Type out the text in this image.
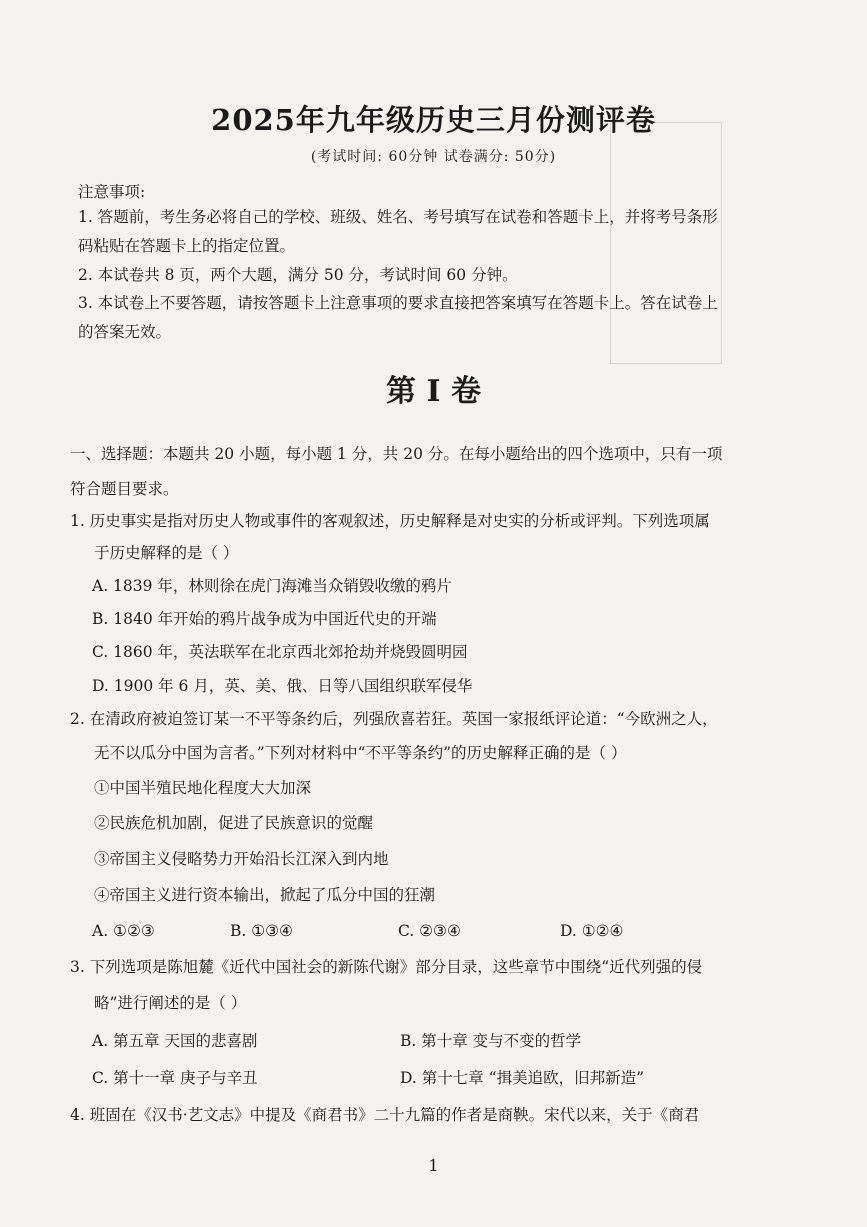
2025年九年级历史三月份测评卷
(考试时间: 60分钟 试卷满分: 50分)
注意事项:
1. 答题前，考生务必将自己的学校、班级、姓名、考号填写在试卷和答题卡上，并将考号条形
码粘贴在答题卡上的指定位置。
2. 本试卷共 8 页，两个大题，满分 50 分，考试时间 60 分钟。
3. 本试卷上不要答题，请按答题卡上注意事项的要求直接把答案填写在答题卡上。答在试卷上
的答案无效。
第 I 卷
一、选择题：本题共 20 小题，每小题 1 分，共 20 分。在每小题给出的四个选项中，只有一项
符合题目要求。
1. 历史事实是指对历史人物或事件的客观叙述，历史解释是对史实的分析或评判。下列选项属
于历史解释的是（ ）
A. 1839 年，林则徐在虎门海滩当众销毁收缴的鸦片
B. 1840 年开始的鸦片战争成为中国近代史的开端
C. 1860 年，英法联军在北京西北郊抢劫并烧毁圆明园
D. 1900 年 6 月，英、美、俄、日等八国组织联军侵华
2. 在清政府被迫签订某一不平等条约后，列强欣喜若狂。英国一家报纸评论道：“今欧洲之人，
无不以瓜分中国为言者。”下列对材料中“不平等条约”的历史解释正确的是（ ）
①中国半殖民地化程度大大加深
②民族危机加剧，促进了民族意识的觉醒
③帝国主义侵略势力开始沿长江深入到内地
④帝国主义进行资本输出，掀起了瓜分中国的狂潮
A. ①②③	B. ①③④	C. ②③④	D. ①②④
3. 下列选项是陈旭麓《近代中国社会的新陈代谢》部分目录，这些章节中围绕“近代列强的侵
略”进行阐述的是（ ）
A. 第五章 天国的悲喜剧	B. 第十章 变与不变的哲学
C. 第十一章 庚子与辛丑	D. 第十七章 “揖美追欧，旧邦新造”
4. 班固在《汉书·艺文志》中提及《商君书》二十九篇的作者是商鞅。宋代以来，关于《商君
1
